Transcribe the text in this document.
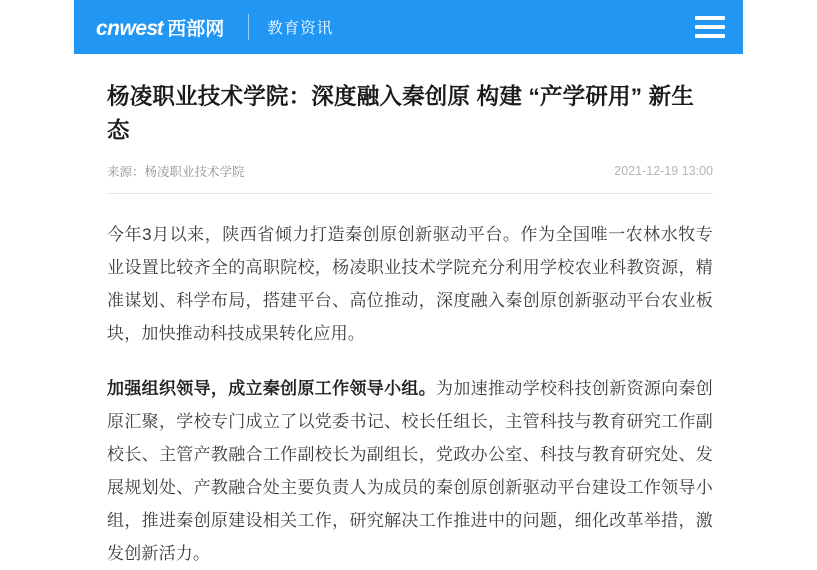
cnwes t 西部网	教育资讯
杨凌职业技术学院：深度融入秦创原 构建 “产学研用” 新生态
来源：杨凌职业技术学院	2021-12-19 13:00

今年3月以来，陕西省倾力打造秦创原创新驱动平台。作为全国唯一农林水牧专业设置比较齐全的高职院校，杨凌职业技术学院充分利用学校农业科教资源，精准谋划、科学布局，搭建平台、高位推动，深度融入秦创原创新驱动平台农业板块，加快推动科技成果转化应用。

加强组织领导，成立秦创原工作领导小组。为加速推动学校科技创新资源向秦创原汇聚，学校专门成立了以党委书记、校长任组长，主管科技与教育研究工作副校长、主管产教融合工作副校长为副组长，党政办公室、科技与教育研究处、发展规划处、产教融合处主要负责人为成员的秦创原创新驱动平台建设工作领导小组，推进秦创原建设相关工作，研究解决工作推进中的问题，细化改革举措，激发创新活力。
